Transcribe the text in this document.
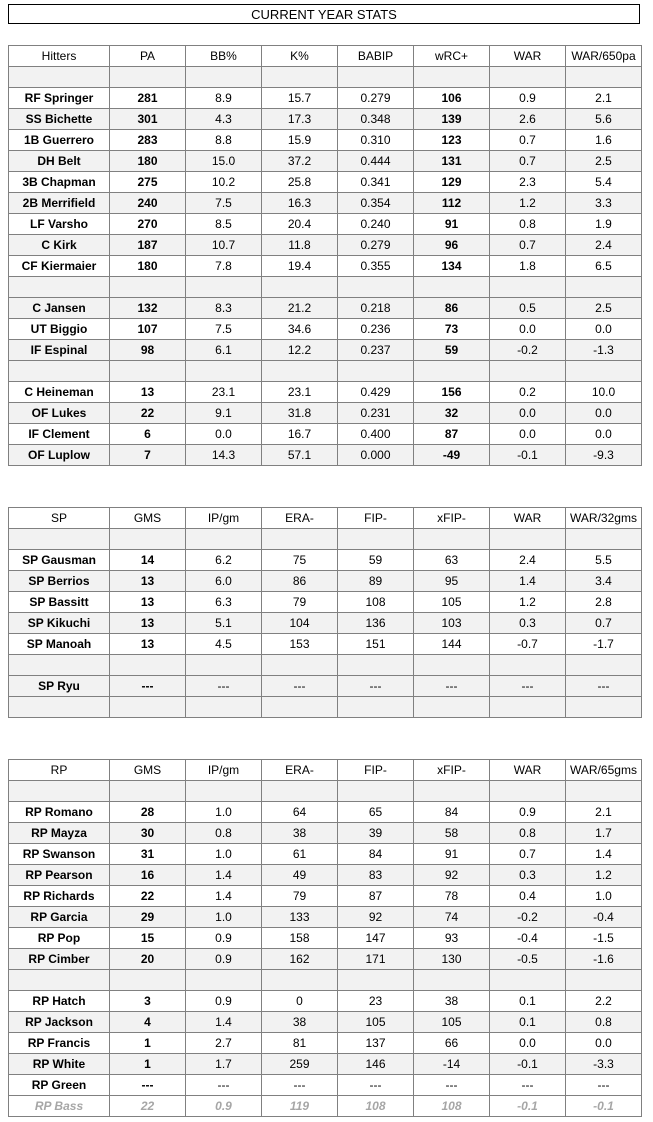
CURRENT YEAR STATS
Hitters	PA	BB%	K%	BABIP	wRC+	WAR	WAR/650pa

RF Springer	281	8.9	15.7	0.279	106	0.9	2.1
SS Bichette	301	4.3	17.3	0.348	139	2.6	5.6
1B Guerrero	283	8.8	15.9	0.310	123	0.7	1.6
DH Belt	180	15.0	37.2	0.444	131	0.7	2.5
3B Chapman	275	10.2	25.8	0.341	129	2.3	5.4
2B Merrifield	240	7.5	16.3	0.354	112	1.2	3.3
LF Varsho	270	8.5	20.4	0.240	91	0.8	1.9
C Kirk	187	10.7	11.8	0.279	96	0.7	2.4
CF Kiermaier	180	7.8	19.4	0.355	134	1.8	6.5

C Jansen	132	8.3	21.2	0.218	86	0.5	2.5
UT Biggio	107	7.5	34.6	0.236	73	0.0	0.0
IF Espinal	98	6.1	12.2	0.237	59	-0.2	-1.3

C Heineman	13	23.1	23.1	0.429	156	0.2	10.0
OF Lukes	22	9.1	31.8	0.231	32	0.0	0.0
IF Clement	6	0.0	16.7	0.400	87	0.0	0.0
OF Luplow	7	14.3	57.1	0.000	-49	-0.1	-9.3
SP	GMS	IP/gm	ERA-	FIP-	xFIP-	WAR	WAR/32gms

SP Gausman	14	6.2	75	59	63	2.4	5.5
SP Berrios	13	6.0	86	89	95	1.4	3.4
SP Bassitt	13	6.3	79	108	105	1.2	2.8
SP Kikuchi	13	5.1	104	136	103	0.3	0.7
SP Manoah	13	4.5	153	151	144	-0.7	-1.7

SP Ryu	---	---	---	---	---	---	---

RP	GMS	IP/gm	ERA-	FIP-	xFIP-	WAR	WAR/65gms

RP Romano	28	1.0	64	65	84	0.9	2.1
RP Mayza	30	0.8	38	39	58	0.8	1.7
RP Swanson	31	1.0	61	84	91	0.7	1.4
RP Pearson	16	1.4	49	83	92	0.3	1.2
RP Richards	22	1.4	79	87	78	0.4	1.0
RP Garcia	29	1.0	133	92	74	-0.2	-0.4
RP Pop	15	0.9	158	147	93	-0.4	-1.5
RP Cimber	20	0.9	162	171	130	-0.5	-1.6

RP Hatch	3	0.9	0	23	38	0.1	2.2
RP Jackson	4	1.4	38	105	105	0.1	0.8
RP Francis	1	2.7	81	137	66	0.0	0.0
RP White	1	1.7	259	146	-14	-0.1	-3.3
RP Green	---	---	---	---	---	---	---
RP Bass	22	0.9	119	108	108	-0.1	-0.1
